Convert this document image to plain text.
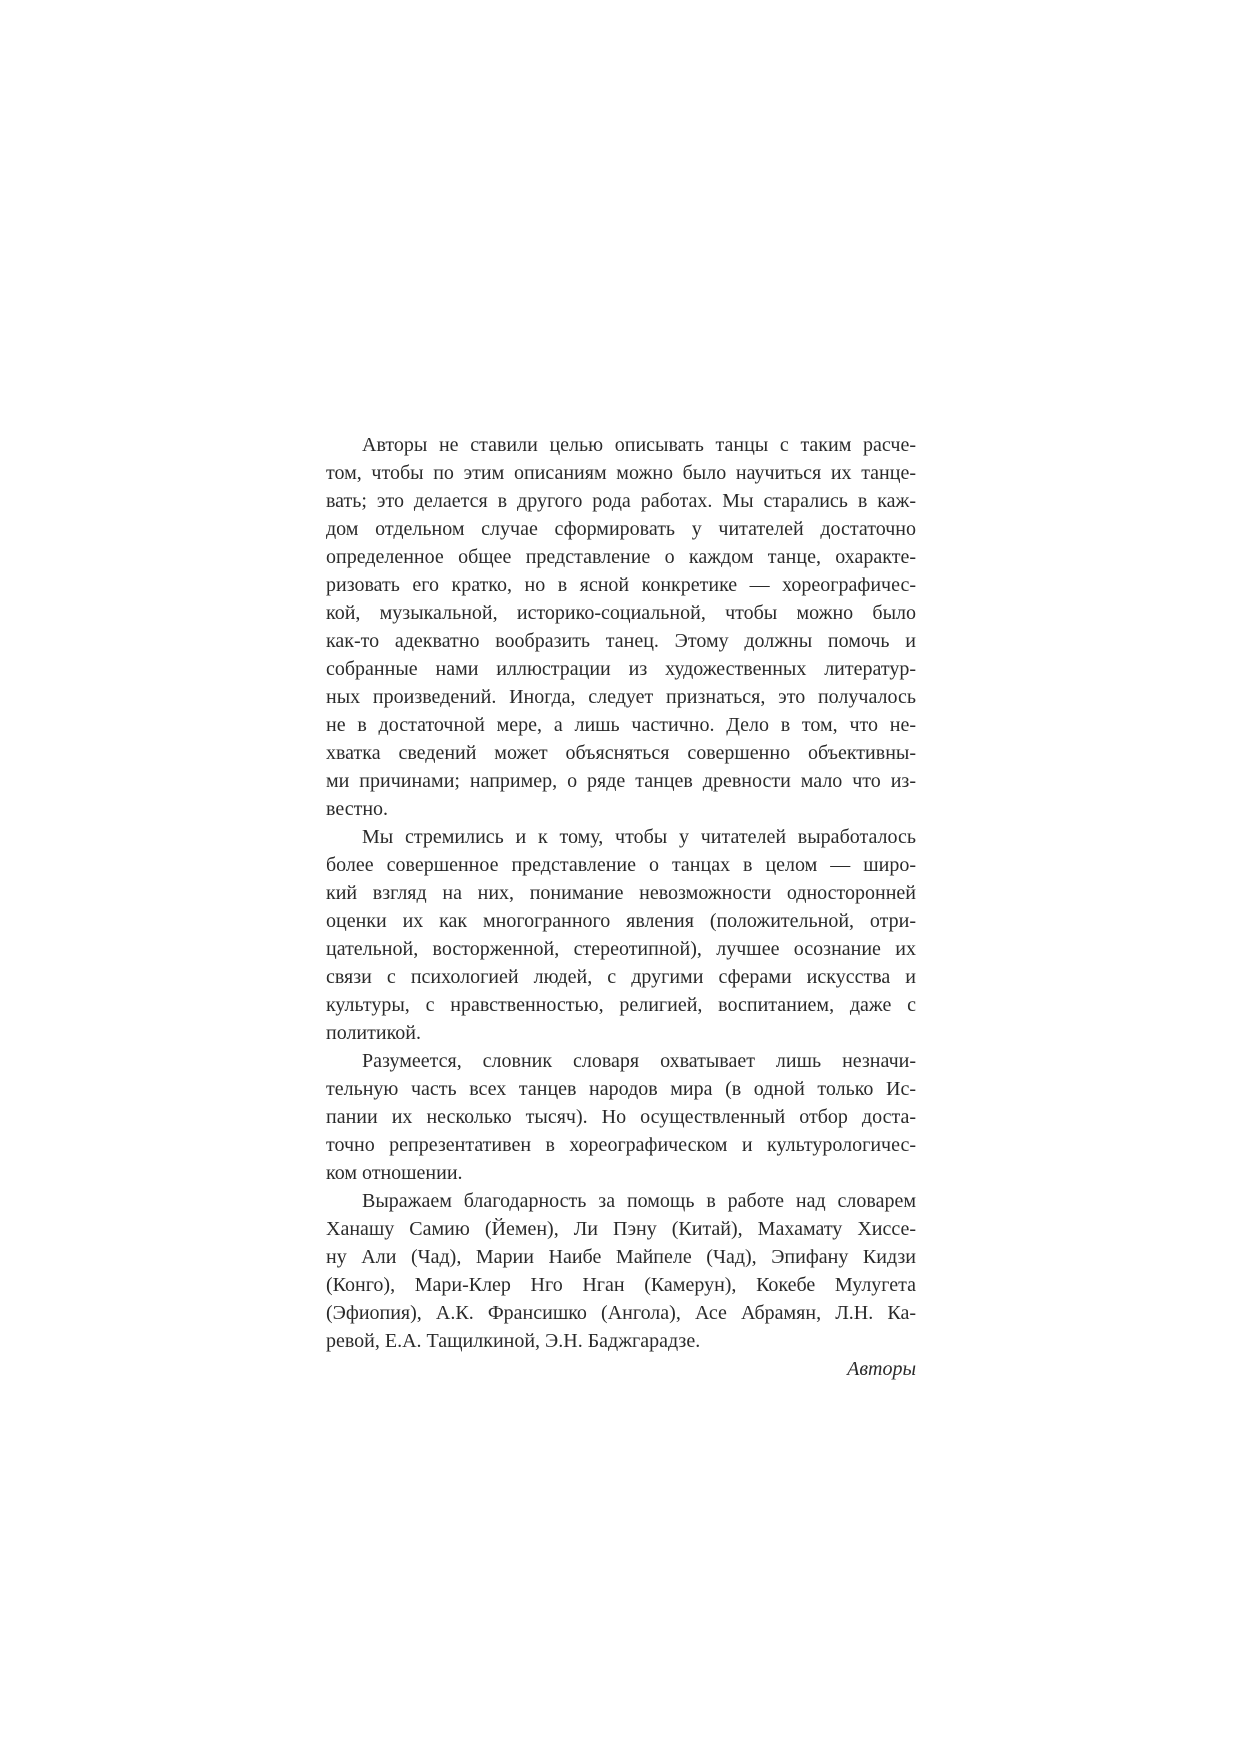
Авторы не ставили целью описывать танцы с таким расче-
том, чтобы по этим описаниям можно было научиться их танце-
вать; это делается в другого рода работах. Мы старались в каж-
дом отдельном случае сформировать у читателей достаточно
определенное общее представление о каждом танце, охаракте-
ризовать его кратко, но в ясной конкретике — хореографичес-
кой, музыкальной, историко-социальной, чтобы можно было
как-то адекватно вообразить танец. Этому должны помочь и
собранные нами иллюстрации из художественных литератур-
ных произведений. Иногда, следует признаться, это получалось
не в достаточной мере, а лишь частично. Дело в том, что не-
хватка сведений может объясняться совершенно объективны-
ми причинами; например, о ряде танцев древности мало что из-
вестно.
Мы стремились и к тому, чтобы у читателей выработалось
более совершенное представление о танцах в целом — широ-
кий взгляд на них, понимание невозможности односторонней
оценки их как многогранного явления (положительной, отри-
цательной, восторженной, стереотипной), лучшее осознание их
связи с психологией людей, с другими сферами искусства и
культуры, с нравственностью, религией, воспитанием, даже с
политикой.
Разумеется, словник словаря охватывает лишь незначи-
тельную часть всех танцев народов мира (в одной только Ис-
пании их несколько тысяч). Но осуществленный отбор доста-
точно репрезентативен в хореографическом и культурологичес-
ком отношении.
Выражаем благодарность за помощь в работе над словарем
Ханашу Самию (Йемен), Ли Пэну (Китай), Махамату Хиссе-
ну Али (Чад), Марии Наибе Майпеле (Чад), Эпифану Кидзи
(Конго), Мари-Клер Нго Нган (Камерун), Кокебе Мулугета
(Эфиопия), А.К. Франсишко (Ангола), Асе Абрамян, Л.Н. Ка-
ревой, Е.А. Тащилкиной, Э.Н. Баджгарадзе.
Авторы
